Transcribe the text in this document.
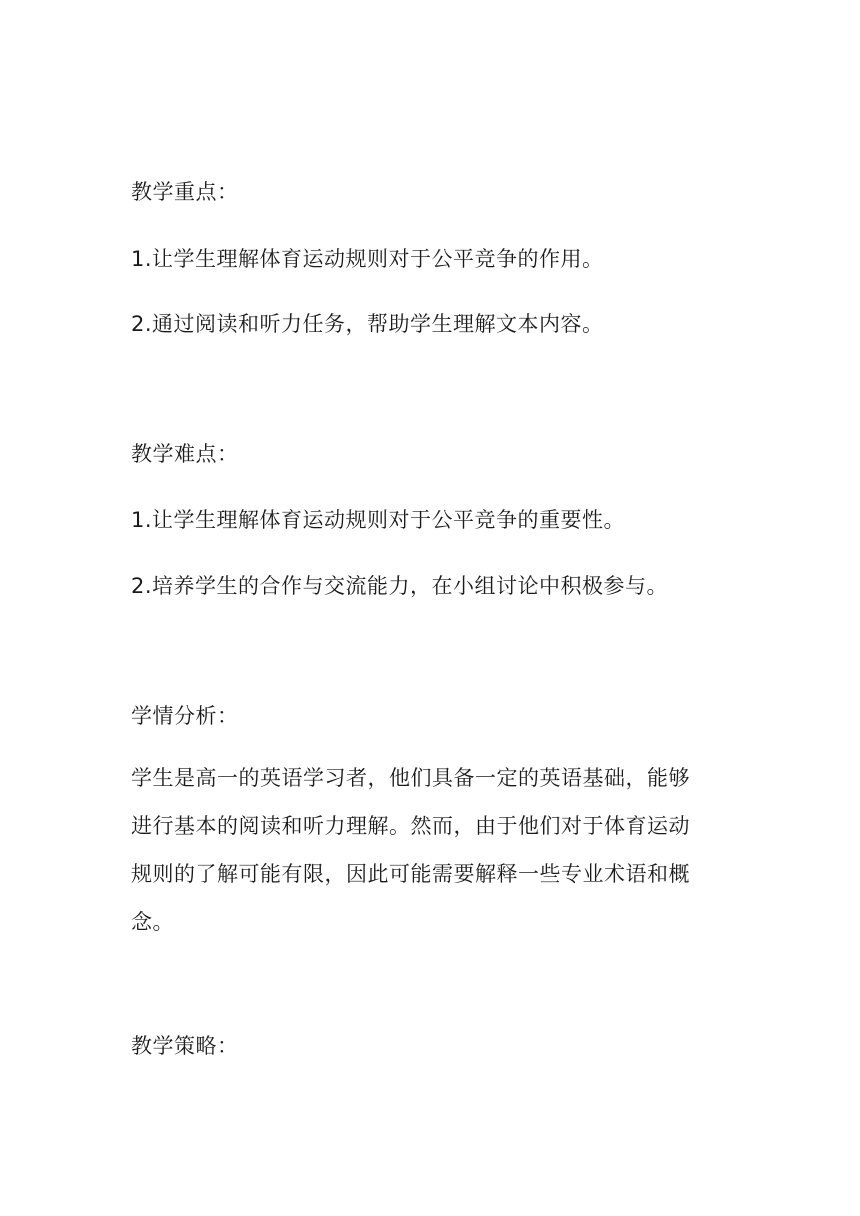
教学重点：
1.让学生理解体育运动规则对于公平竞争的作用。
2.通过阅读和听力任务，帮助学生理解文本内容。
教学难点：
1.让学生理解体育运动规则对于公平竞争的重要性。
2.培养学生的合作与交流能力，在小组讨论中积极参与。
学情分析：
学生是高一的英语学习者，他们具备一定的英语基础，能够
进行基本的阅读和听力理解。然而，由于他们对于体育运动
规则的了解可能有限，因此可能需要解释一些专业术语和概
念。
教学策略：
